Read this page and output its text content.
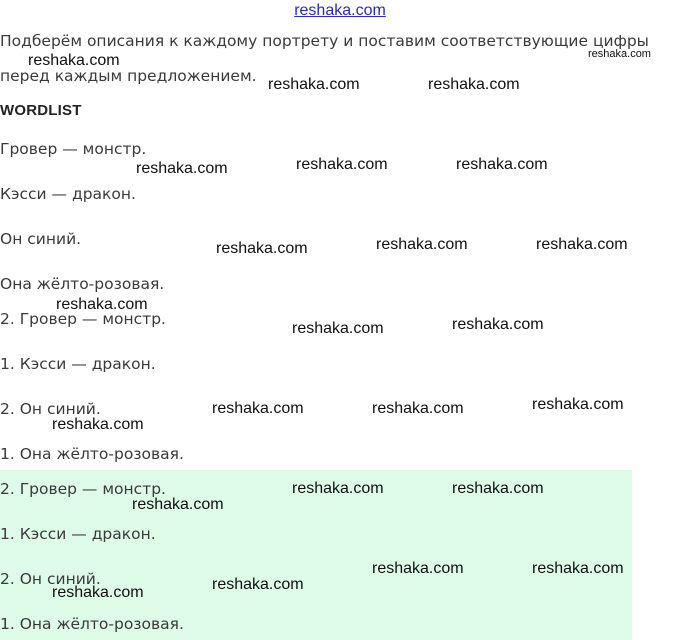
reshaka.com
Подберём описания к каждому портрету и поставим соответствующие цифры
перед каждым предложением.
WORDLIST
Гровер — монстр.
Кэсси — дракон.
Он синий.
Она жёлто-розовая.
2. Гровер — монстр.
1. Кэсси — дракон.
2. Он синий.
1. Она жёлто-розовая.
2. Гровер — монстр.
1. Кэсси — дракон.
2. Он синий.
1. Она жёлто-розовая.
reshaka.com	reshaka.com
reshaka.com	reshaka.com
reshaka.com	reshaka.com	reshaka.com
reshaka.com	reshaka.com	reshaka.com
reshaka.com
reshaka.com	reshaka.com
reshaka.com	reshaka.com	reshaka.com
reshaka.com
reshaka.com	reshaka.com
reshaka.com
reshaka.com	reshaka.com
reshaka.com
reshaka.com
